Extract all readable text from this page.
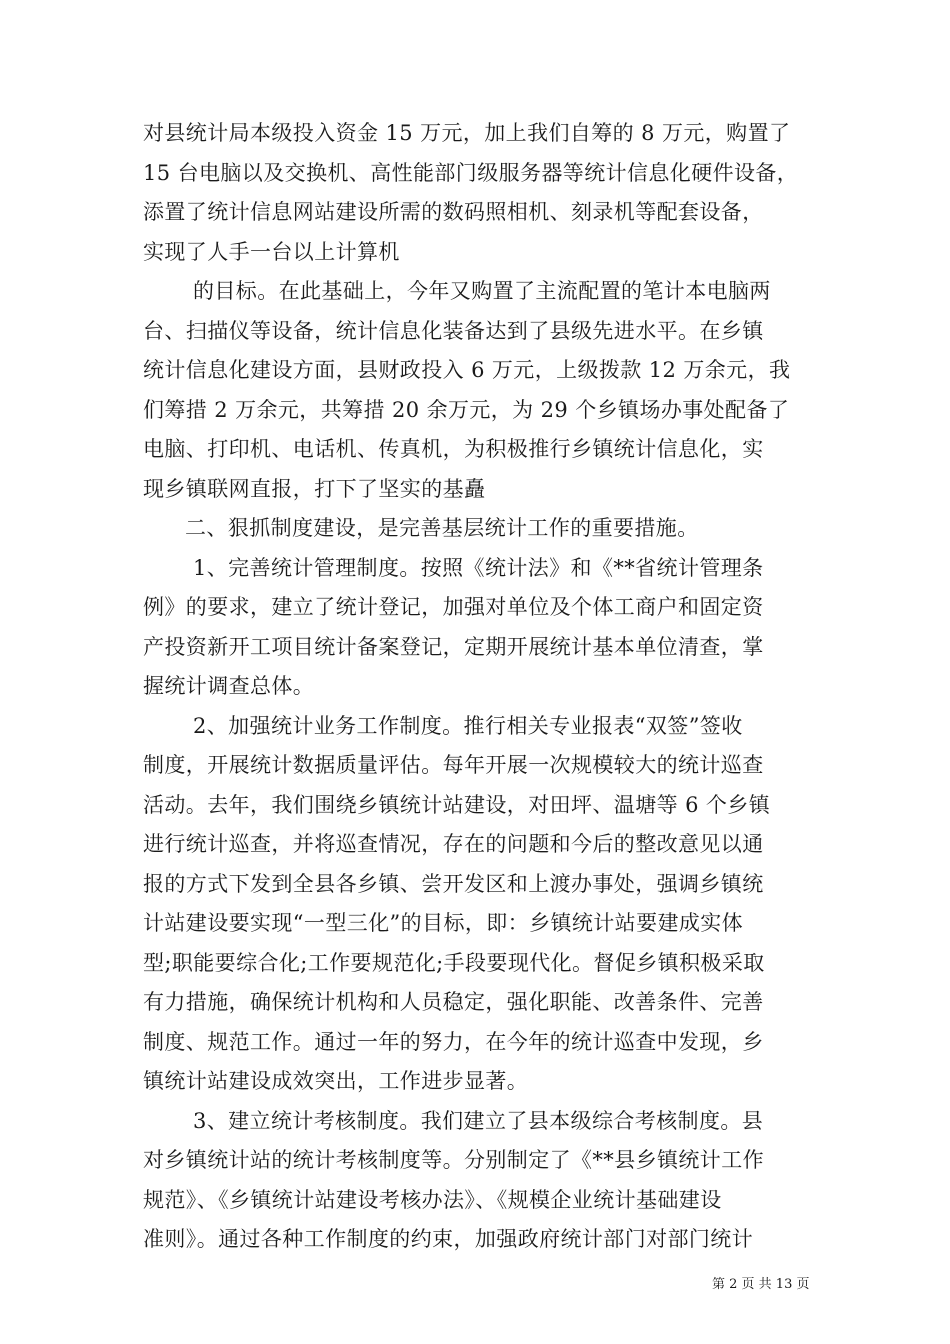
对县统计局本级投入资金 15 万元，加上我们自筹的 8 万元，购置了
15 台电脑以及交换机、高性能部门级服务器等统计信息化硬件设备，
添置了统计信息网站建设所需的数码照相机、刻录机等配套设备，
实现了人手一台以上计算机
的目标。在此基础上，今年又购置了主流配置的笔计本电脑两
台、扫描仪等设备，统计信息化装备达到了县级先进水平。在乡镇
统计信息化建设方面，县财政投入 6 万元，上级拨款 12 万余元，我
们筹措 2 万余元，共筹措 20 余万元，为 29 个乡镇场办事处配备了
电脑、打印机、电话机、传真机，为积极推行乡镇统计信息化，实
现乡镇联网直报，打下了坚实的基矗
二、狠抓制度建设，是完善基层统计工作的重要措施。
1、完善统计管理制度。按照《统计法》和《**省统计管理条
例》的要求，建立了统计登记，加强对单位及个体工商户和固定资
产投资新开工项目统计备案登记，定期开展统计基本单位清查，掌
握统计调查总体。
2、加强统计业务工作制度。推行相关专业报表“双签”签收
制度，开展统计数据质量评估。每年开展一次规模较大的统计巡查
活动。去年，我们围绕乡镇统计站建设，对田坪、温塘等 6 个乡镇
进行统计巡查，并将巡查情况，存在的问题和今后的整改意见以通
报的方式下发到全县各乡镇、尝开发区和上渡办事处，强调乡镇统
计站建设要实现“一型三化”的目标，即：乡镇统计站要建成实体
型;职能要综合化;工作要规范化;手段要现代化。督促乡镇积极采取
有力措施，确保统计机构和人员稳定，强化职能、改善条件、完善
制度、规范工作。通过一年的努力，在今年的统计巡查中发现，乡
镇统计站建设成效突出，工作进步显著。
3、建立统计考核制度。我们建立了县本级综合考核制度。县
对乡镇统计站的统计考核制度等。分别制定了《**县乡镇统计工作
规范》、《乡镇统计站建设考核办法》、《规模企业统计基础建设
准则》。通过各种工作制度的约束，加强政府统计部门对部门统计
第 2 页 共 13 页
